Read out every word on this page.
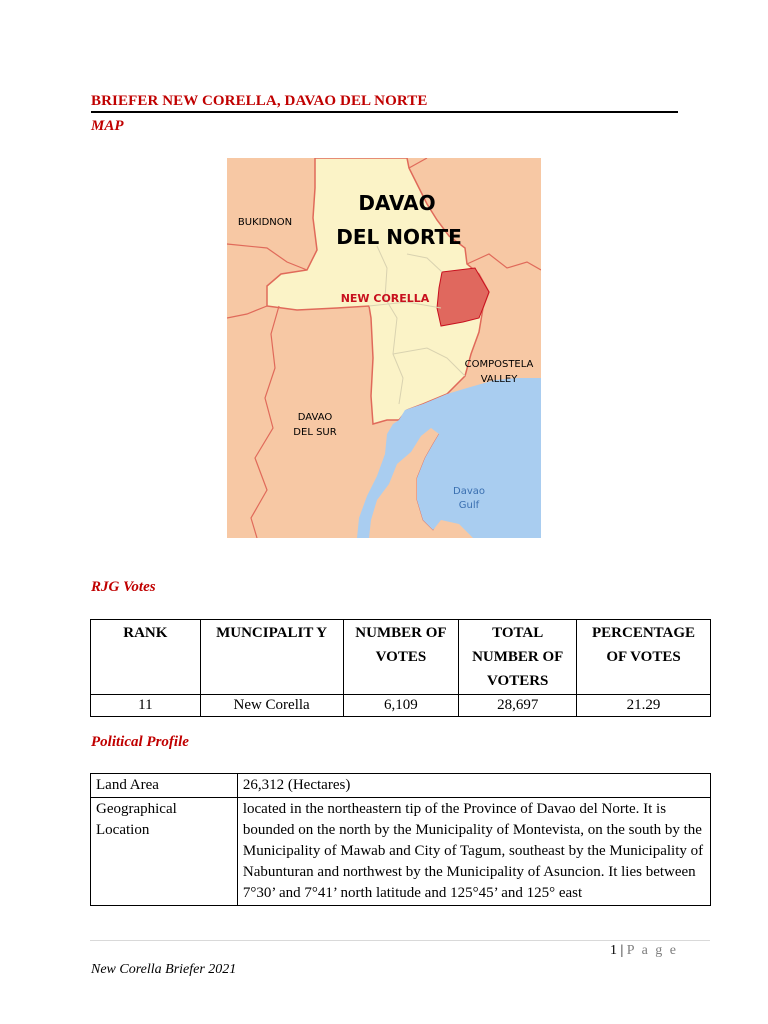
BRIEFER NEW CORELLA, DAVAO DEL NORTE
MAP
DAVAO
DEL NORTE
BUKIDNON
NEW CORELLA
COMPOSTELA
VALLEY
DAVAO
DEL SUR
Davao
Gulf
RJG Votes
RANK	MUNCIPALIT Y	NUMBER OF VOTES	TOTAL NUMBER OF VOTERS	PERCENTAGE OF VOTES
11	New Corella	6,109	28,697	21.29
Political Profile
Land Area	26,312 (Hectares)
Geographical Location	located in the northeastern tip of the Province of Davao del Norte. It is bounded on the north by the Municipality of Montevista, on the south by the Municipality of Mawab and City of Tagum, southeast by the Municipality of Nabunturan and northwest by the Municipality of Asuncion. It lies between 7°30’ and 7°41’ north latitude and 125°45’ and 125° east
1 | P a g e
New Corella Briefer 2021
